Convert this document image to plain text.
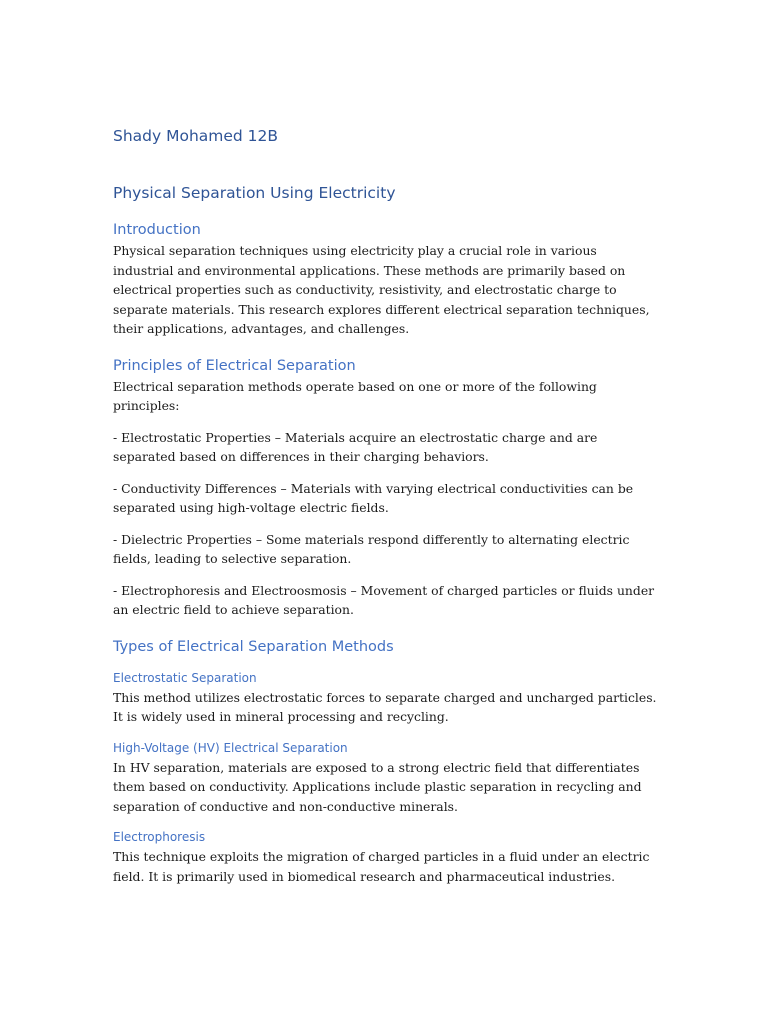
Shady Mohamed 12B
Physical Separation Using Electricity
Introduction

Physical separation techniques using electricity play a crucial role in various industrial and environmental applications. These methods are primarily based on electrical properties such as conductivity, resistivity, and electrostatic charge to separate materials. This research explores different electrical separation techniques, their applications, advantages, and challenges.

Principles of Electrical Separation

Electrical separation methods operate based on one or more of the following principles:

- Electrostatic Properties – Materials acquire an electrostatic charge and are separated based on differences in their charging behaviors.

- Conductivity Differences – Materials with varying electrical conductivities can be separated using high-voltage electric fields.

- Dielectric Properties – Some materials respond differently to alternating electric fields, leading to selective separation.

- Electrophoresis and Electroosmosis – Movement of charged particles or fluids under an electric field to achieve separation.

Types of Electrical Separation Methods
Electrostatic Separation

This method utilizes electrostatic forces to separate charged and uncharged particles. It is widely used in mineral processing and recycling.

High-Voltage (HV) Electrical Separation

In HV separation, materials are exposed to a strong electric field that differentiates them based on conductivity. Applications include plastic separation in recycling and separation of conductive and non-conductive minerals.

Electrophoresis

This technique exploits the migration of charged particles in a fluid under an electric field. It is primarily used in biomedical research and pharmaceutical industries.
